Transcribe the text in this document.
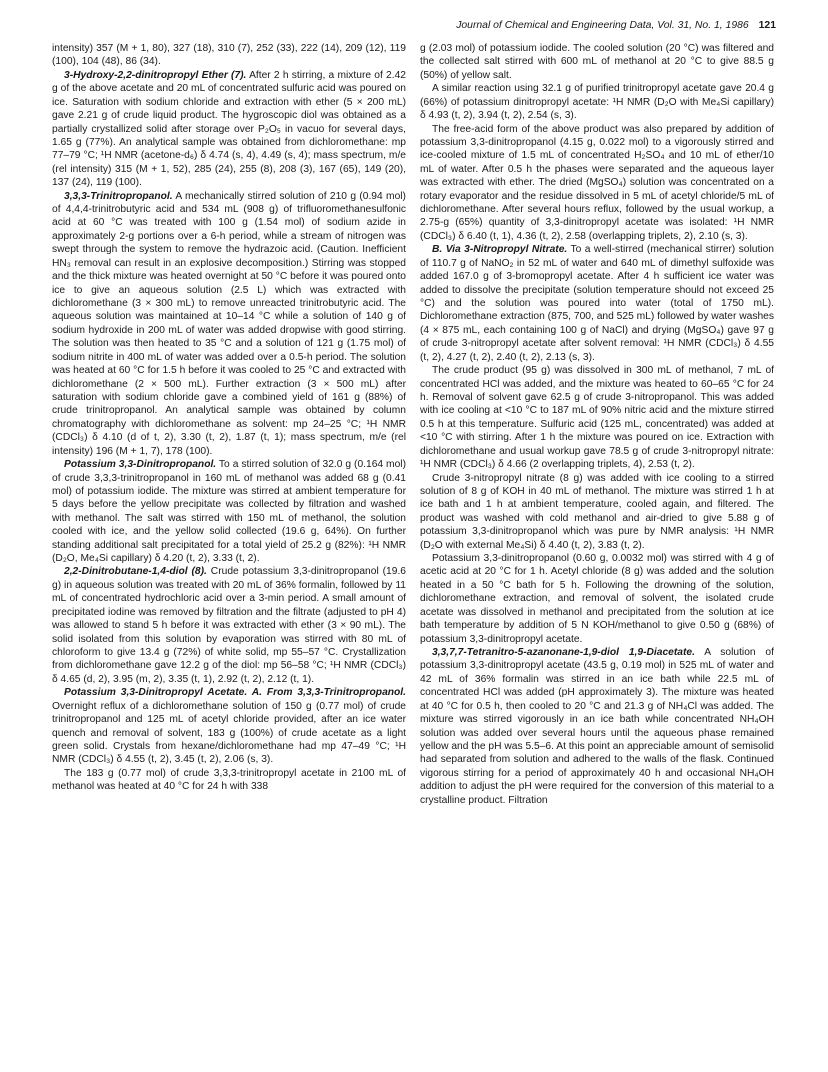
Journal of Chemical and Engineering Data, Vol. 31, No. 1, 1986 121

intensity) 357 (M + 1, 80), 327 (18), 310 (7), 252 (33), 222 (14), 209 (12), 119 (100), 104 (48), 86 (34).

3-Hydroxy-2,2-dinitropropyl Ether (7). After 2 h stirring, a mixture of 2.42 g of the above acetate and 20 mL of concentrated sulfuric acid was poured on ice. Saturation with sodium chloride and extraction with ether (5 × 200 mL) gave 2.21 g of crude liquid product. The hygroscopic diol was obtained as a partially crystallized solid after storage over P₂O₅ in vacuo for several days, 1.65 g (77%). An analytical sample was obtained from dichloromethane: mp 77–79 °C; ¹H NMR (acetone-d₆) δ 4.74 (s, 4), 4.49 (s, 4); mass spectrum, m/e (rel intensity) 315 (M + 1, 52), 285 (24), 255 (8), 208 (3), 167 (65), 149 (20), 137 (24), 119 (100).

3,3,3-Trinitropropanol. A mechanically stirred solution of 210 g (0.94 mol) of 4,4,4-trinitrobutyric acid and 534 mL (908 g) of trifluoromethanesulfonic acid at 60 °C was treated with 100 g (1.54 mol) of sodium azide in approximately 2-g portions over a 6-h period, while a stream of nitrogen was swept through the system to remove the hydrazoic acid. (Caution. Inefficient HN₃ removal can result in an explosive decomposition.) Stirring was stopped and the thick mixture was heated overnight at 50 °C before it was poured onto ice to give an aqueous solution (2.5 L) which was extracted with dichloromethane (3 × 300 mL) to remove unreacted trinitrobutyric acid. The aqueous solution was maintained at 10–14 °C while a solution of 140 g of sodium hydroxide in 200 mL of water was added dropwise with good stirring. The solution was then heated to 35 °C and a solution of 121 g (1.75 mol) of sodium nitrite in 400 mL of water was added over a 0.5-h period. The solution was heated at 60 °C for 1.5 h before it was cooled to 25 °C and extracted with dichloromethane (2 × 500 mL). Further extraction (3 × 500 mL) after saturation with sodium chloride gave a combined yield of 161 g (88%) of crude trinitropropanol. An analytical sample was obtained by column chromatography with dichloromethane as solvent: mp 24–25 °C; ¹H NMR (CDCl₃) δ 4.10 (d of t, 2), 3.30 (t, 2), 1.87 (t, 1); mass spectrum, m/e (rel intensity) 196 (M + 1, 7), 178 (100).

Potassium 3,3-Dinitropropanol. To a stirred solution of 32.0 g (0.164 mol) of crude 3,3,3-trinitropropanol in 160 mL of methanol was added 68 g (0.41 mol) of potassium iodide. The mixture was stirred at ambient temperature for 5 days before the yellow precipitate was collected by filtration and washed with methanol. The salt was stirred with 150 mL of methanol, the solution cooled with ice, and the yellow solid collected (19.6 g, 64%). On further standing additional salt precipitated for a total yield of 25.2 g (82%): ¹H NMR (D₂O, Me₄Si capillary) δ 4.20 (t, 2), 3.33 (t, 2).

2,2-Dinitrobutane-1,4-diol (8). Crude potassium 3,3-dinitropropanol (19.6 g) in aqueous solution was treated with 20 mL of 36% formalin, followed by 11 mL of concentrated hydrochloric acid over a 3-min period. A small amount of precipitated iodine was removed by filtration and the filtrate (adjusted to pH 4) was allowed to stand 5 h before it was extracted with ether (3 × 90 mL). The solid isolated from this solution by evaporation was stirred with 80 mL of chloroform to give 13.4 g (72%) of white solid, mp 55–57 °C. Crystallization from dichloromethane gave 12.2 g of the diol: mp 56–58 °C; ¹H NMR (CDCl₃) δ 4.65 (d, 2), 3.95 (m, 2), 3.35 (t, 1), 2.92 (t, 2), 2.12 (t, 1).

Potassium 3,3-Dinitropropyl Acetate. A. From 3,3,3-Trinitropropanol. Overnight reflux of a dichloromethane solution of 150 g (0.77 mol) of crude trinitropropanol and 125 mL of acetyl chloride provided, after an ice water quench and removal of solvent, 183 g (100%) of crude acetate as a light green solid. Crystals from hexane/dichloromethane had mp 47–49 °C; ¹H NMR (CDCl₃) δ 4.55 (t, 2), 3.45 (t, 2), 2.06 (s, 3).

The 183 g (0.77 mol) of crude 3,3,3-trinitropropyl acetate in 2100 mL of methanol was heated at 40 °C for 24 h with 338

g (2.03 mol) of potassium iodide. The cooled solution (20 °C) was filtered and the collected salt stirred with 600 mL of methanol at 20 °C to give 88.5 g (50%) of yellow salt.

A similar reaction using 32.1 g of purified trinitropropyl acetate gave 20.4 g (66%) of potassium dinitropropyl acetate: ¹H NMR (D₂O with Me₄Si capillary) δ 4.93 (t, 2), 3.94 (t, 2), 2.54 (s, 3).

The free-acid form of the above product was also prepared by addition of potassium 3,3-dinitropropanol (4.15 g, 0.022 mol) to a vigorously stirred and ice-cooled mixture of 1.5 mL of concentrated H₂SO₄ and 10 mL of ether/10 mL of water. After 0.5 h the phases were separated and the aqueous layer was extracted with ether. The dried (MgSO₄) solution was concentrated on a rotary evaporator and the residue dissolved in 5 mL of acetyl chloride/5 mL of dichloromethane. After several hours reflux, followed by the usual workup, a 2.75-g (65%) quantity of 3,3-dinitropropyl acetate was isolated: ¹H NMR (CDCl₃) δ 6.40 (t, 1), 4.36 (t, 2), 2.58 (overlapping triplets, 2), 2.10 (s, 3).

B. Via 3-Nitropropyl Nitrate. To a well-stirred (mechanical stirrer) solution of 110.7 g of NaNO₂ in 52 mL of water and 640 mL of dimethyl sulfoxide was added 167.0 g of 3-bromopropyl acetate. After 4 h sufficient ice water was added to dissolve the precipitate (solution temperature should not exceed 25 °C) and the solution was poured into water (total of 1750 mL). Dichloromethane extraction (875, 700, and 525 mL) followed by water washes (4 × 875 mL, each containing 100 g of NaCl) and drying (MgSO₄) gave 97 g of crude 3-nitropropyl acetate after solvent removal: ¹H NMR (CDCl₃) δ 4.55 (t, 2), 4.27 (t, 2), 2.40 (t, 2), 2.13 (s, 3).

The crude product (95 g) was dissolved in 300 mL of methanol, 7 mL of concentrated HCl was added, and the mixture was heated to 60–65 °C for 24 h. Removal of solvent gave 62.5 g of crude 3-nitropropanol. This was added with ice cooling at <10 °C to 187 mL of 90% nitric acid and the mixture stirred 0.5 h at this temperature. Sulfuric acid (125 mL, concentrated) was added at <10 °C with stirring. After 1 h the mixture was poured on ice. Extraction with dichloromethane and usual workup gave 78.5 g of crude 3-nitropropyl nitrate: ¹H NMR (CDCl₃) δ 4.66 (2 overlapping triplets, 4), 2.53 (t, 2).

Crude 3-nitropropyl nitrate (8 g) was added with ice cooling to a stirred solution of 8 g of KOH in 40 mL of methanol. The mixture was stirred 1 h at ice bath and 1 h at ambient temperature, cooled again, and filtered. The product was washed with cold methanol and air-dried to give 5.88 g of potassium 3,3-dinitropropanol which was pure by NMR analysis: ¹H NMR (D₂O with external Me₄Si) δ 4.40 (t, 2), 3.83 (t, 2).

Potassium 3,3-dinitropropanol (0.60 g, 0.0032 mol) was stirred with 4 g of acetic acid at 20 °C for 1 h. Acetyl chloride (8 g) was added and the solution heated in a 50 °C bath for 5 h. Following the drowning of the solution, dichloromethane extraction, and removal of solvent, the isolated crude acetate was dissolved in methanol and precipitated from the solution at ice bath temperature by addition of 5 N KOH/methanol to give 0.50 g (68%) of potassium 3,3-dinitropropyl acetate.

3,3,7,7-Tetranitro-5-azanonane-1,9-diol 1,9-Diacetate. A solution of potassium 3,3-dinitropropyl acetate (43.5 g, 0.19 mol) in 525 mL of water and 42 mL of 36% formalin was stirred in an ice bath while 22.5 mL of concentrated HCl was added (pH approximately 3). The mixture was heated at 40 °C for 0.5 h, then cooled to 20 °C and 21.3 g of NH₄Cl was added. The mixture was stirred vigorously in an ice bath while concentrated NH₄OH solution was added over several hours until the aqueous phase remained yellow and the pH was 5.5–6. At this point an appreciable amount of semisolid had separated from solution and adhered to the walls of the flask. Continued vigorous stirring for a period of approximately 40 h and occasional NH₄OH addition to adjust the pH were required for the conversion of this material to a crystalline product. Filtration
